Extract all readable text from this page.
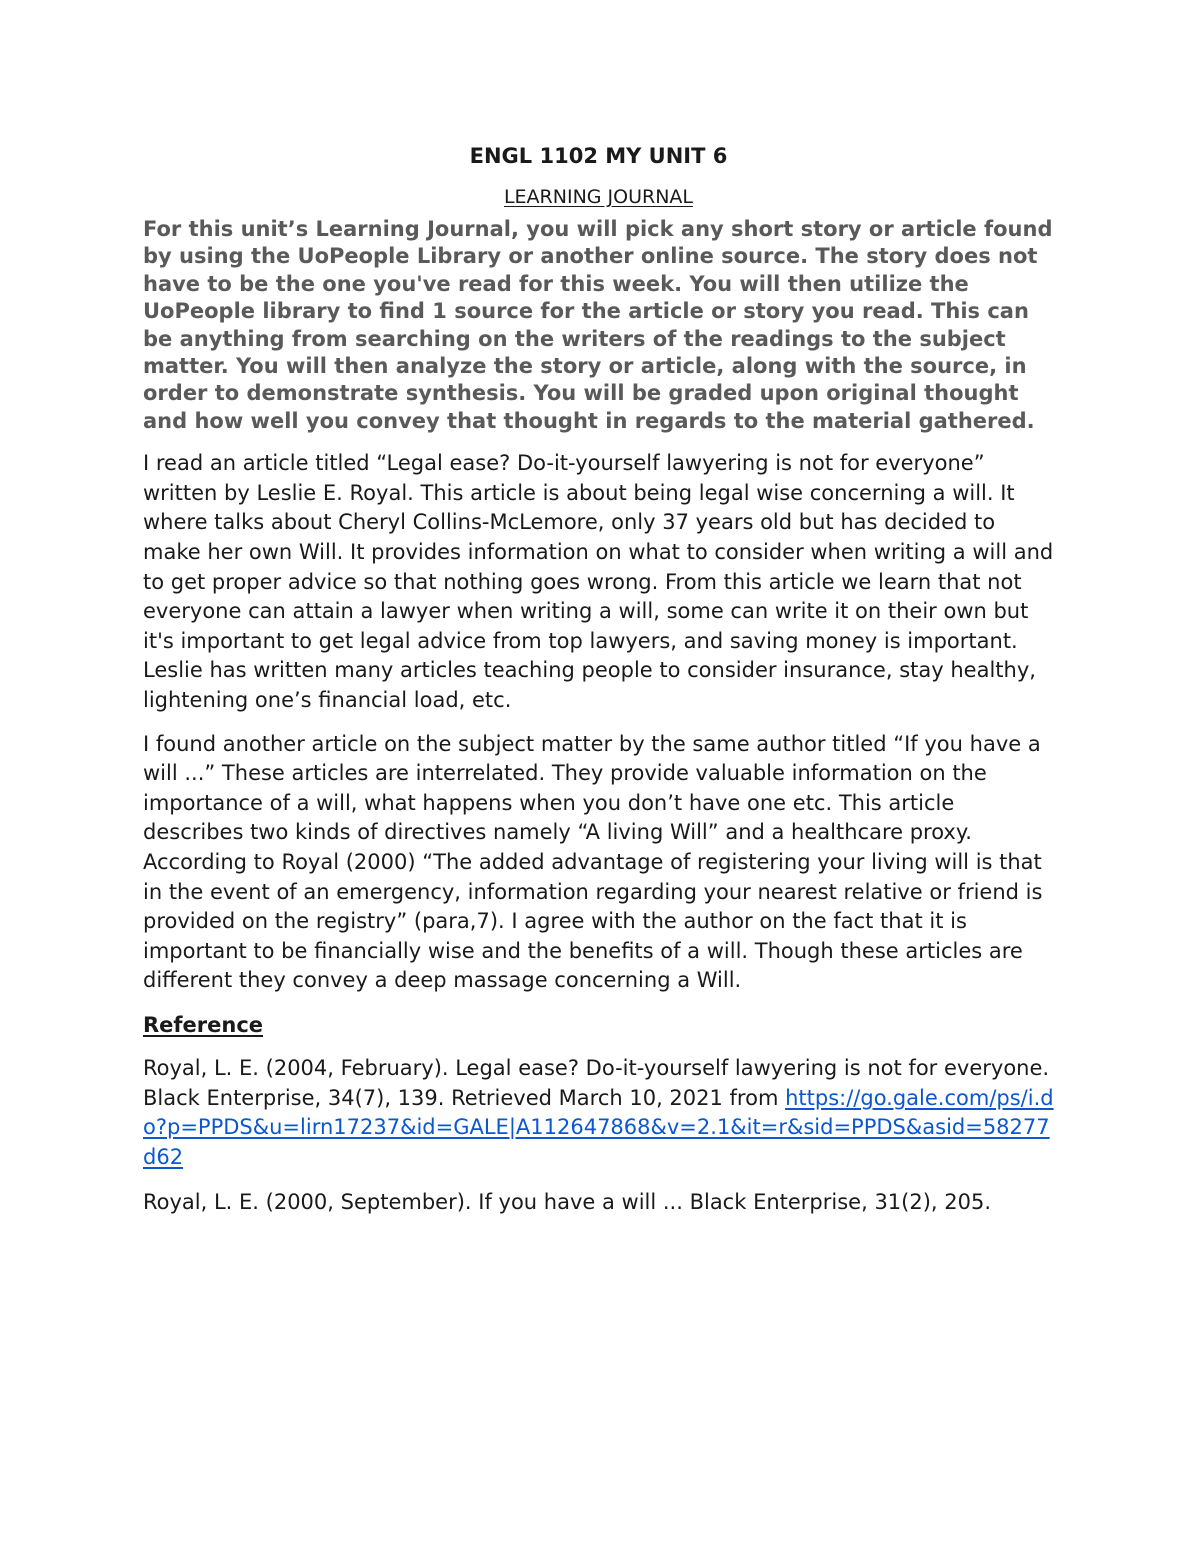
ENGL 1102 MY UNIT 6
LEARNING JOURNAL

For this unit’s Learning Journal, you will pick any short story or article found by using the UoPeople Library or another online source. The story does not have to be the one you've read for this week. You will then utilize the UoPeople library to find 1 source for the article or story you read. This can be anything from searching on the writers of the readings to the subject matter. You will then analyze the story or article, along with the source, in order to demonstrate synthesis. You will be graded upon original thought and how well you convey that thought in regards to the material gathered.

I read an article titled “Legal ease? Do-it-yourself lawyering is not for everyone” written by Leslie E. Royal. This article is about being legal wise concerning a will. It where talks about Cheryl Collins-McLemore, only 37 years old but has decided to make her own Will. It provides information on what to consider when writing a will and to get proper advice so that nothing goes wrong. From this article we learn that not everyone can attain a lawyer when writing a will, some can write it on their own but it's important to get legal advice from top lawyers, and saving money is important. Leslie has written many articles teaching people to consider insurance, stay healthy, lightening one’s financial load, etc.

I found another article on the subject matter by the same author titled “If you have a will ...” These articles are interrelated. They provide valuable information on the importance of a will, what happens when you don’t have one etc. This article describes two kinds of directives namely “A living Will” and a healthcare proxy. According to Royal (2000) “The added advantage of registering your living will is that in the event of an emergency, information regarding your nearest relative or friend is provided on the registry” (para,7). I agree with the author on the fact that it is important to be financially wise and the benefits of a will. Though these articles are different they convey a deep massage concerning a Will.

Reference

Royal, L. E. (2004, February). Legal ease? Do-it-yourself lawyering is not for everyone. Black Enterprise, 34(7), 139. Retrieved March 10, 2021 from https://go.gale.com/ps/i.do?p=PPDS&u=lirn17237&id=GALE|A112647868&v=2.1&it=r&sid=PPDS&asid=58277d62

Royal, L. E. (2000, September). If you have a will ... Black Enterprise, 31(2), 205.
